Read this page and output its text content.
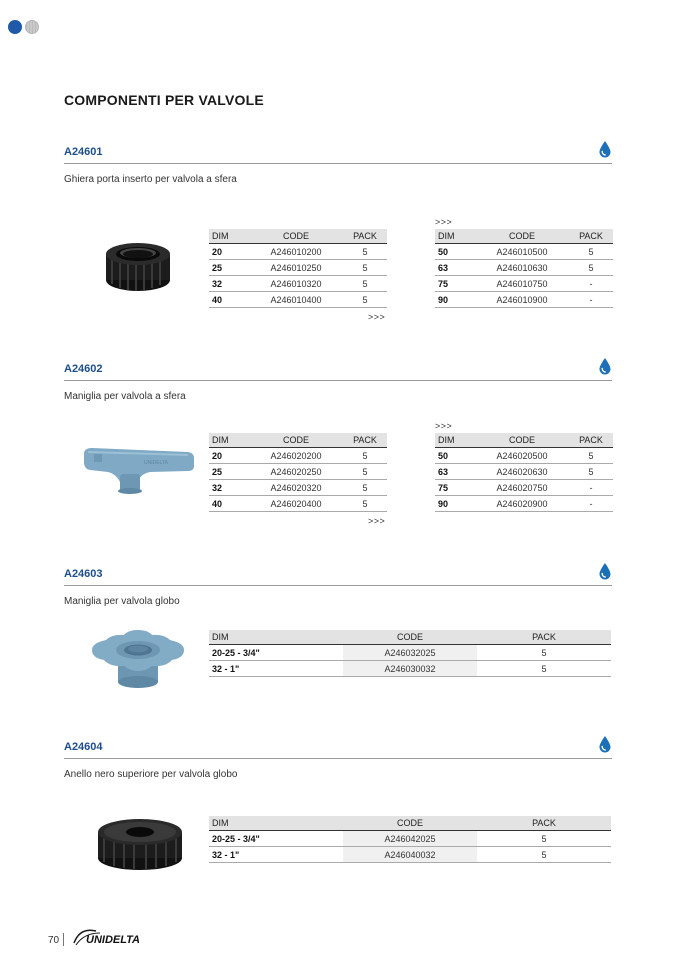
COMPONENTI PER VALVOLE
A24601
Ghiera porta inserto per valvola a sfera
DIM	CODE	PACK
20	A246010200	5
25	A246010250	5
32	A246010320	5
40	A246010400	5
>>>
>>>
DIM	CODE	PACK
50	A246010500	5
63	A246010630	5
75	A246010750	-
90	A246010900	-
A24602
Maniglia per valvola a sfera
UNIDELTA
DIM	CODE	PACK
20	A246020200	5
25	A246020250	5
32	A246020320	5
40	A246020400	5
>>>
>>>
DIM	CODE	PACK
50	A246020500	5
63	A246020630	5
75	A246020750	-
90	A246020900	-
A24603
Maniglia per valvola globo
DIM	CODE	PACK
20-25 - 3/4"	A246032025	5
32 - 1"	A246030032	5
A24604
Anello nero superiore per valvola globo
DIM	CODE	PACK
20-25 - 3/4"	A246042025	5
32 - 1"	A246040032	5
70 UNIDELTA
